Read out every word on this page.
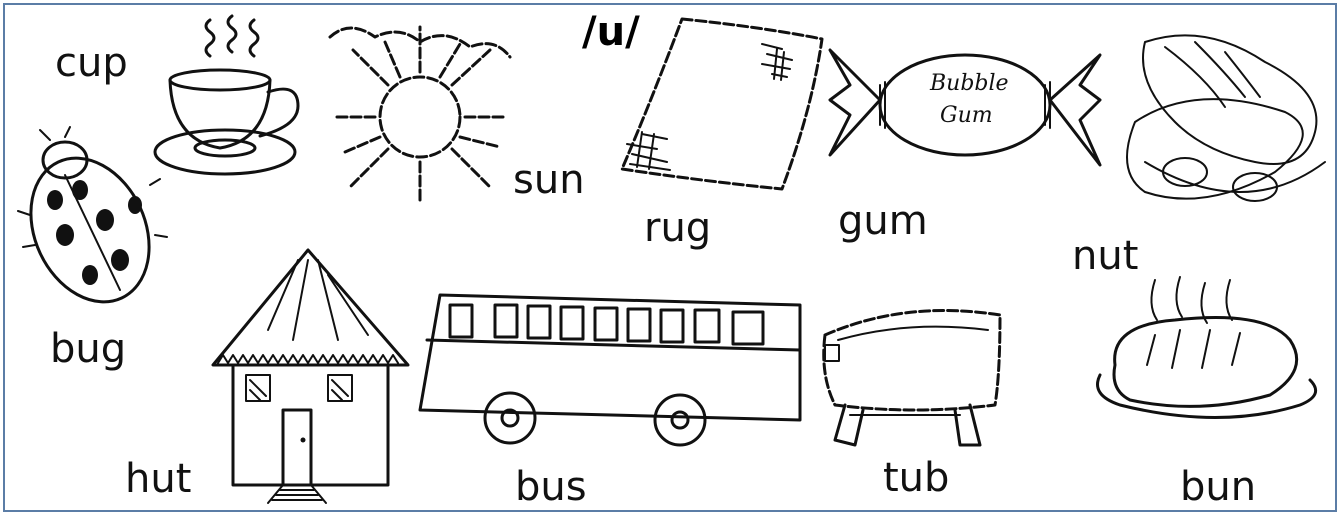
/u/
cup
sun
rug	gum
nut
bug
hut	bus	tub	bun
Bubble
Gum
